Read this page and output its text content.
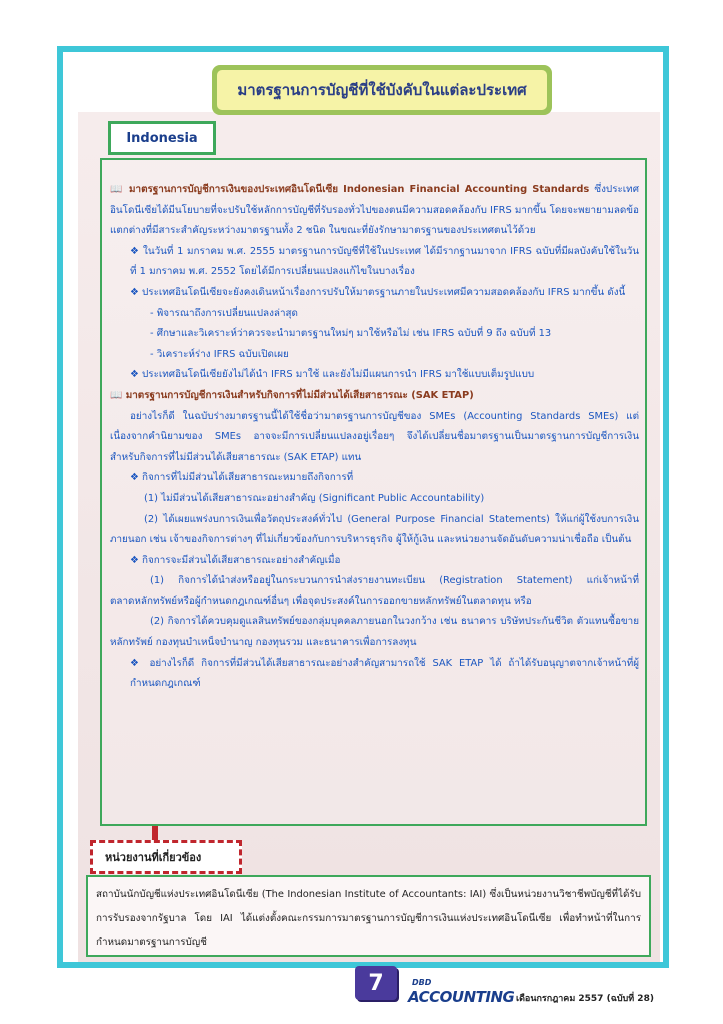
มาตรฐานการบัญชีที่ใช้บังคับในแต่ละประเทศ
Indonesia

📖 มาตรฐานการบัญชีการเงินของประเทศอินโดนีเซีย Indonesian Financial Accounting Standards ซึ่งประเทศอินโดนีเซียได้มีนโยบายที่จะปรับใช้หลักการบัญชีที่รับรองทั่วไปของตนมีความสอดคล้องกับ IFRS มากขึ้น โดยจะพยายามลดข้อแตกต่างที่มีสาระสำคัญระหว่างมาตรฐานทั้ง 2 ชนิด ในขณะที่ยังรักษามาตรฐานของประเทศตนไว้ด้วย

❖ ในวันที่ 1 มกราคม พ.ศ. 2555 มาตรฐานการบัญชีที่ใช้ในประเทศ ได้มีรากฐานมาจาก IFRS ฉบับที่มีผลบังคับใช้ในวันที่ 1 มกราคม พ.ศ. 2552 โดยได้มีการเปลี่ยนแปลงแก้ไขในบางเรื่อง

❖ ประเทศอินโดนีเซียจะยังคงเดินหน้าเรื่องการปรับให้มาตรฐานภายในประเทศมีความสอดคล้องกับ IFRS มากขึ้น ดังนี้

- พิจารณาถึงการเปลี่ยนแปลงล่าสุด

- ศึกษาและวิเคราะห์ว่าควรจะนำมาตรฐานใหม่ๆ มาใช้หรือไม่ เช่น IFRS ฉบับที่ 9 ถึง ฉบับที่ 13

- วิเคราะห์ร่าง IFRS ฉบับเปิดเผย

❖ ประเทศอินโดนีเซียยังไม่ได้นำ IFRS มาใช้ และยังไม่มีแผนการนำ IFRS มาใช้แบบเต็มรูปแบบ

📖 มาตรฐานการบัญชีการเงินสำหรับกิจการที่ไม่มีส่วนได้เสียสาธารณะ (SAK ETAP)

อย่างไรก็ดี ในฉบับร่างมาตรฐานนี้ได้ใช้ชื่อว่ามาตรฐานการบัญชีของ SMEs (Accounting Standards SMEs) แต่เนื่องจากคำนิยามของ SMEs อาจจะมีการเปลี่ยนแปลงอยู่เรื่อยๆ จึงได้เปลี่ยนชื่อมาตรฐานเป็นมาตรฐานการบัญชีการเงินสำหรับกิจการที่ไม่มีส่วนได้เสียสาธารณะ (SAK ETAP) แทน

❖ กิจการที่ไม่มีส่วนได้เสียสาธารณะหมายถึงกิจการที่

(1) ไม่มีส่วนได้เสียสาธารณะอย่างสำคัญ (Significant Public Accountability)

(2) ได้เผยแพร่งบการเงินเพื่อวัตถุประสงค์ทั่วไป (General Purpose Financial Statements) ให้แก่ผู้ใช้งบการเงินภายนอก เช่น เจ้าของกิจการต่างๆ ที่ไม่เกี่ยวข้องกับการบริหารธุรกิจ ผู้ให้กู้เงิน และหน่วยงานจัดอันดับความน่าเชื่อถือ เป็นต้น

❖ กิจการจะมีส่วนได้เสียสาธารณะอย่างสำคัญเมื่อ

(1) กิจการได้นำส่งหรืออยู่ในกระบวนการนำส่งรายงานทะเบียน (Registration Statement) แก่เจ้าหน้าที่ตลาดหลักทรัพย์หรือผู้กำหนดกฎเกณฑ์อื่นๆ เพื่อจุดประสงค์ในการออกขายหลักทรัพย์ในตลาดทุน หรือ

(2) กิจการได้ควบคุมดูแลสินทรัพย์ของกลุ่มบุคคลภายนอกในวงกว้าง เช่น ธนาคาร บริษัทประกันชีวิต ตัวแทนซื้อขายหลักทรัพย์ กองทุนบำเหน็จบำนาญ กองทุนรวม และธนาคารเพื่อการลงทุน

❖ อย่างไรก็ดี กิจการที่มีส่วนได้เสียสาธารณะอย่างสำคัญสามารถใช้ SAK ETAP ได้ ถ้าได้รับอนุญาตจากเจ้าหน้าที่ผู้กำหนดกฎเกณฑ์

หน่วยงานที่เกี่ยวข้อง
สถาบันนักบัญชีแห่งประเทศอินโดนีเซีย (The Indonesian Institute of Accountants: IAI) ซึ่งเป็นหน่วยงานวิชาชีพบัญชีที่ได้รับการรับรองจากรัฐบาล โดย IAI ได้แต่งตั้งคณะกรรมการมาตรฐานการบัญชีการเงินแห่งประเทศอินโดนีเซีย เพื่อทำหน้าที่ในการกำหนดมาตรฐานการบัญชี
7	DBD
ACCOUNTING เดือนกรกฎาคม 2557 (ฉบับที่ 28)
